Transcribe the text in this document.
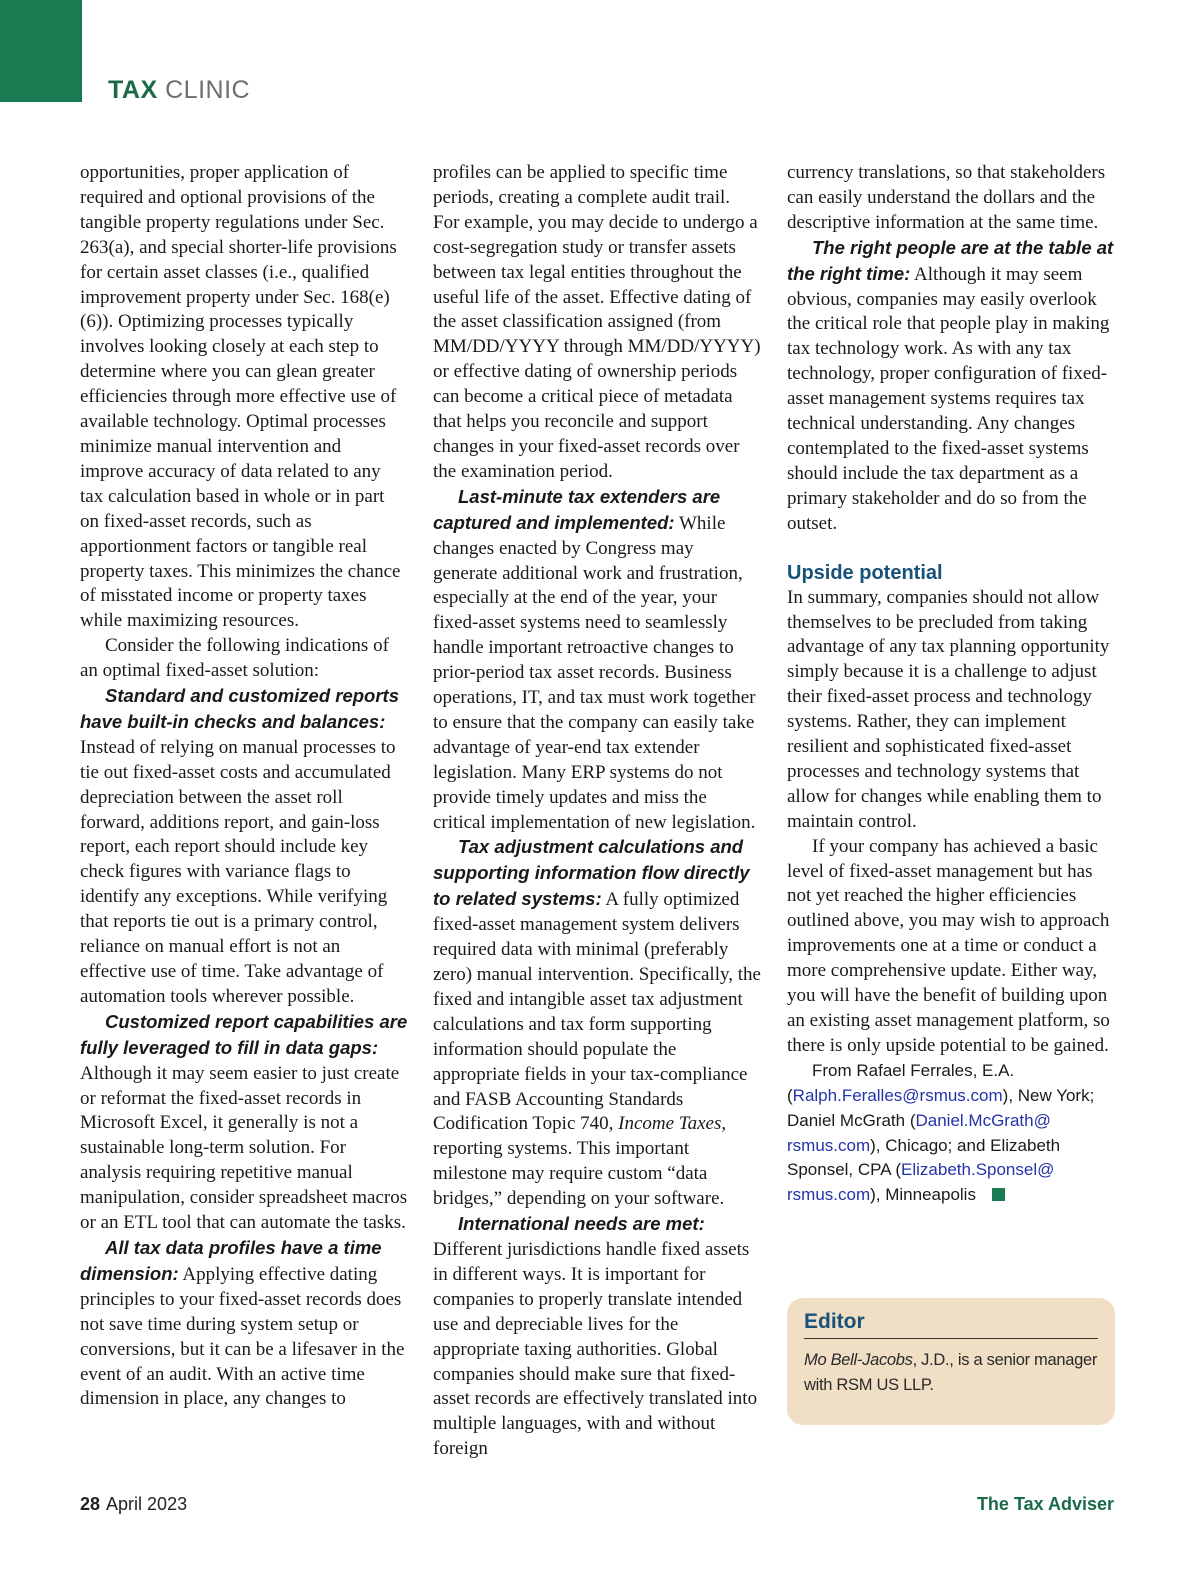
TAX CLINIC

opportunities, proper application of required and optional provisions of the tangible property regulations under Sec. 263(a), and special shorter-life provisions for certain asset classes (i.e., qualified improvement property under Sec. 168(e)(6)). Optimizing processes typically involves looking closely at each step to determine where you can glean greater efficiencies through more effective use of available technology. Optimal processes minimize manual intervention and improve accuracy of data related to any tax calculation based in whole or in part on fixed-asset records, such as apportionment factors or tangible real property taxes. This minimizes the chance of misstated income or property taxes while maximizing resources.

Consider the following indications of an optimal fixed-asset solution:

Standard and customized reports have built-in checks and balances: Instead of relying on manual processes to tie out fixed-asset costs and accumulated depreciation between the asset roll forward, additions report, and gain-loss report, each report should include key check figures with variance flags to identify any exceptions. While verifying that reports tie out is a primary control, reliance on manual effort is not an effective use of time. Take advantage of automation tools wherever possible.

Customized report capabilities are fully leveraged to fill in data gaps: Although it may seem easier to just create or reformat the fixed-asset records in Microsoft Excel, it generally is not a sustainable long-term solution. For analysis requiring repetitive manual manipulation, consider spreadsheet macros or an ETL tool that can automate the tasks.

All tax data profiles have a time dimension: Applying effective dating principles to your fixed-asset records does not save time during system setup or conversions, but it can be a lifesaver in the event of an audit. With an active time dimension in place, any changes to

profiles can be applied to specific time periods, creating a complete audit trail. For example, you may decide to undergo a cost-segregation study or transfer assets between tax legal entities throughout the useful life of the asset. Effective dating of the asset classification assigned (from MM/DD/YYYY through MM/DD/YYYY) or effective dating of ownership periods can become a critical piece of metadata that helps you reconcile and support changes in your fixed-asset records over the examination period.

Last-minute tax extenders are captured and implemented: While changes enacted by Congress may generate additional work and frustration, especially at the end of the year, your fixed-asset systems need to seamlessly handle important retroactive changes to prior-period tax asset records. Business operations, IT, and tax must work together to ensure that the company can easily take advantage of year-end tax extender legislation. Many ERP systems do not provide timely updates and miss the critical implementation of new legislation.

Tax adjustment calculations and supporting information flow directly to related systems: A fully optimized fixed-asset management system delivers required data with minimal (preferably zero) manual intervention. Specifically, the fixed and intangible asset tax adjustment calculations and tax form supporting information should populate the appropriate fields in your tax-compliance and FASB Accounting Standards Codification Topic 740, Income Taxes, reporting systems. This important milestone may require custom “data bridges,” depending on your software.

International needs are met: Different jurisdictions handle fixed assets in different ways. It is important for companies to properly translate intended use and depreciable lives for the appropriate taxing authorities. Global companies should make sure that fixed-asset records are effectively translated into multiple languages, with and without foreign

currency translations, so that stakeholders can easily understand the dollars and the descriptive information at the same time.

The right people are at the table at the right time: Although it may seem obvious, companies may easily overlook the critical role that people play in making tax technology work. As with any tax technology, proper configuration of fixed-asset management systems requires tax technical understanding. Any changes contemplated to the fixed-asset systems should include the tax department as a primary stakeholder and do so from the outset.

Upside potential

In summary, companies should not allow themselves to be precluded from taking advantage of any tax planning opportunity simply because it is a challenge to adjust their fixed-asset process and technology systems. Rather, they can implement resilient and sophisticated fixed-asset processes and technology systems that allow for changes while enabling them to maintain control.

If your company has achieved a basic level of fixed-asset management but has not yet reached the higher efficiencies outlined above, you may wish to approach improvements one at a time or conduct a more comprehensive update. Either way, you will have the benefit of building upon an existing asset management platform, so there is only upside potential to be gained.

From Rafael Ferrales, E.A.
(Ralph.Feralles@rsmus.com), New York;
Daniel McGrath (Daniel.McGrath@
rsmus.com), Chicago; and Elizabeth
Sponsel, CPA (Elizabeth.Sponsel@
rsmus.com), Minneapolis
Editor
Mo Bell-Jacobs, J.D., is a senior manager with RSM US LLP.
28 April 2023	The Tax Adviser
